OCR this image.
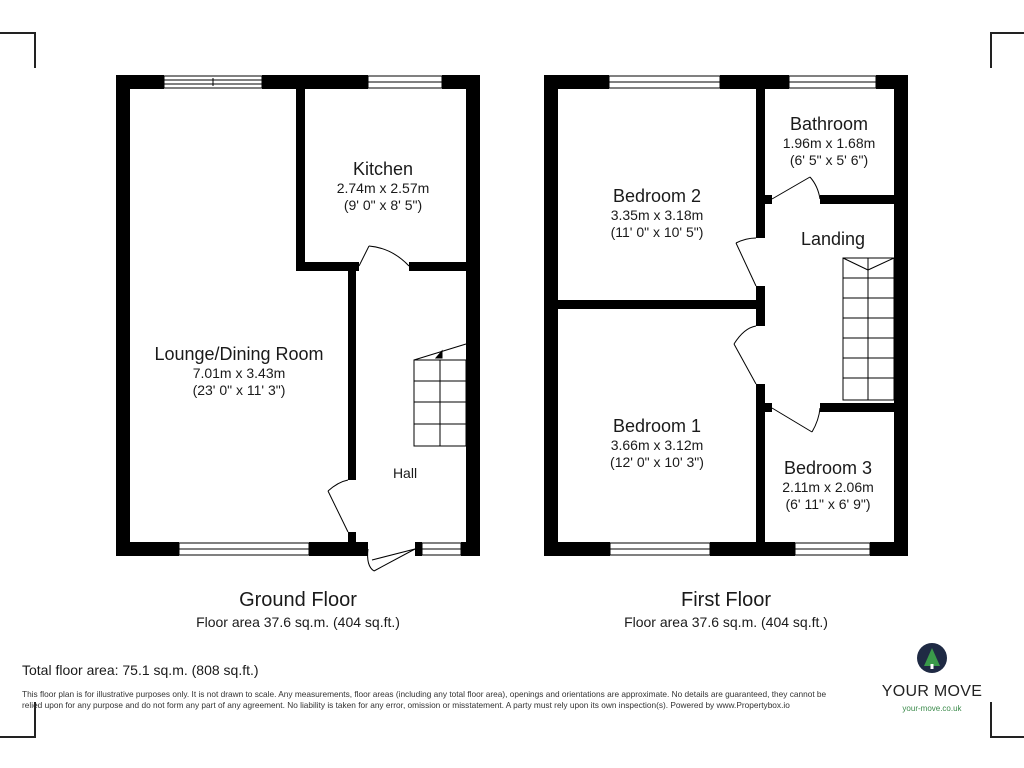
Lounge/Dining Room
7.01m x 3.43m
(23' 0" x 11' 3")
Kitchen
2.74m x 2.57m
(9' 0" x 8' 5")
Hall
Bedroom 2
3.35m x 3.18m
(11' 0" x 10' 5")
Bathroom
1.96m x 1.68m
(6' 5" x 5' 6")
Landing
Bedroom 1
3.66m x 3.12m
(12' 0" x 10' 3")	Bedroom 3
2.11m x 2.06m
(6' 11" x 6' 9")
Ground Floor
Floor area 37.6 sq.m. (404 sq.ft.)
First Floor
Floor area 37.6 sq.m. (404 sq.ft.)
Total floor area: 75.1 sq.m. (808 sq.ft.)
This floor plan is for illustrative purposes only. It is not drawn to scale. Any measurements, floor areas (including any total floor area), openings and orientations are approximate. No details are guaranteed, they cannot be relied upon for any purpose and do not form any part of any agreement. No liability is taken for any error, omission or misstatement. A party must rely upon its own inspection(s). Powered by www.Propertybox.io
YOUR MOVE
your-move.co.uk
